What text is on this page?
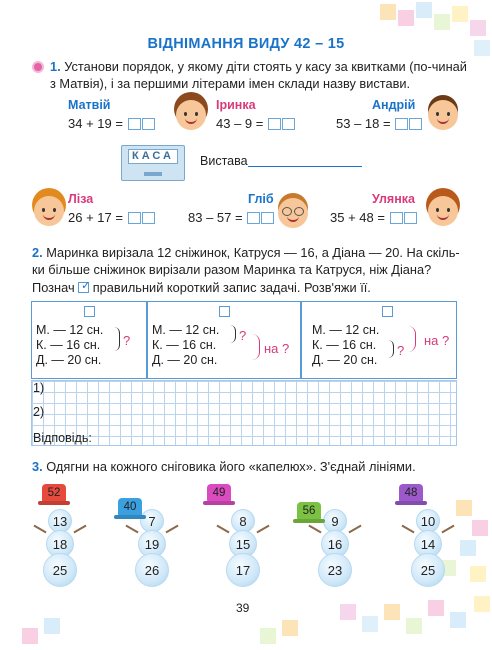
ВІДНІМАННЯ ВИДУ 42 – 15
1. Установи порядок, у якому діти стоять у касу за квитками (по-чинай з Матвія), і за першими літерами імен склади назву вистави.
Матвій
34 + 19 =
Іринка
43 – 9 =
Андрій
53 – 18 =
КАСА	Вистава
Ліза
26 + 17 =
Гліб
83 – 57 =
Улянка
35 + 48 =
2. Маринка вирізала 12 сніжинок, Катруся — 16, а Діана — 20. На скіль-ки більше сніжинок вирізали разом Маринка та Катруся, ніж Діана?
Познач ✓ правильний короткий запис задачі. Розв'яжи її.
М. — 12 сн.
К. — 16 сн.
Д. — 20 сн.
?
М. — 12 сн.
К. — 16 сн.
Д. — 20 сн.
?
на ?
М. — 12 сн.
К. — 16 сн.
Д. — 20 сн.
?
на ?
1)
2)
Відповідь:
3. Одягни на кожного сніговика його «капелюх». З'єднай лініями.
13
18
25
7
19
26
8
15
17
9
16
23
10
14
25
52
40
49
56
48
39
